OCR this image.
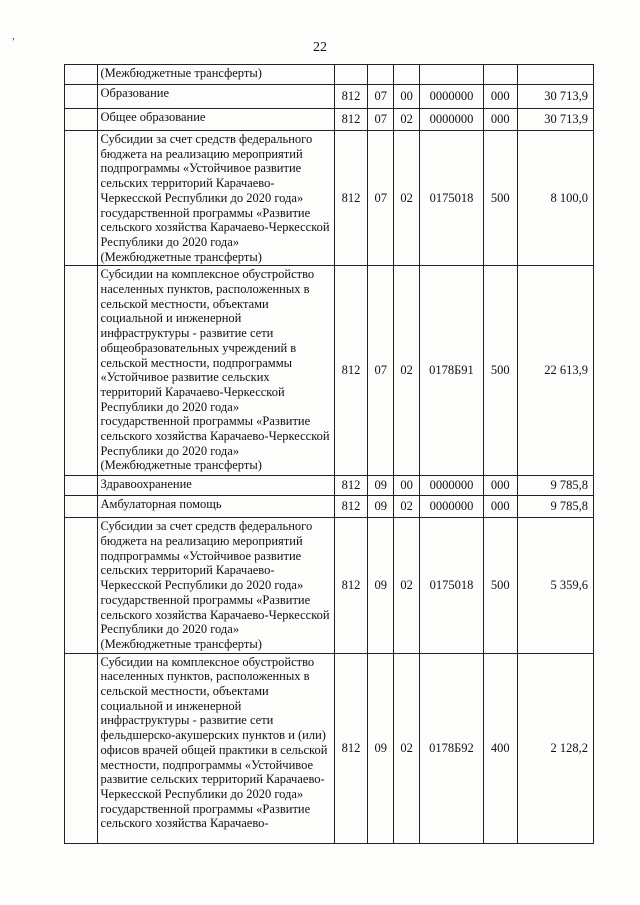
,
22
	(Межбюджетные трансферты)						
	Образование	812	07	00	0000000	000	30 713,9
	Общее образование	812	07	02	0000000	000	30 713,9
	Субсидии за счет средств федерального бюджета на реализацию мероприятий подпрограммы «Устойчивое развитие сельских территорий Карачаево-Черкесской Республики до 2020 года» государственной программы «Развитие сельского хозяйства Карачаево-Черкесской Республики до 2020 года» (Межбюджетные трансферты)	812	07	02	0175018	500	8 100,0
	Субсидии на комплексное обустройство населенных пунктов, расположенных в сельской местности, объектами социальной и инженерной инфраструктуры - развитие сети общеобразовательных учреждений в сельской местности, подпрограммы «Устойчивое развитие сельских территорий Карачаево-Черкесской Республики до 2020 года» государственной программы «Развитие сельского хозяйства Карачаево-Черкесской Республики до 2020 года» (Межбюджетные трансферты)	812	07	02	0178Б91	500	22 613,9
	Здравоохранение	812	09	00	0000000	000	9 785,8
	Амбулаторная помощь	812	09	02	0000000	000	9 785,8
	Субсидии за счет средств федерального бюджета на реализацию мероприятий подпрограммы «Устойчивое развитие сельских территорий Карачаево-Черкесской Республики до 2020 года» государственной программы «Развитие сельского хозяйства Карачаево-Черкесской Республики до 2020 года» (Межбюджетные трансферты)	812	09	02	0175018	500	5 359,6
	Субсидии на комплексное обустройство населенных пунктов, расположенных в сельской местности, объектами социальной и инженерной инфраструктуры - развитие сети фельдшерско-акушерских пунктов и (или) офисов врачей общей практики в сельской местности, подпрограммы «Устойчивое развитие сельских территорий Карачаево-Черкесской Республики до 2020 года» государственной программы «Развитие сельского хозяйства Карачаево-	812	09	02	0178Б92	400	2 128,2
